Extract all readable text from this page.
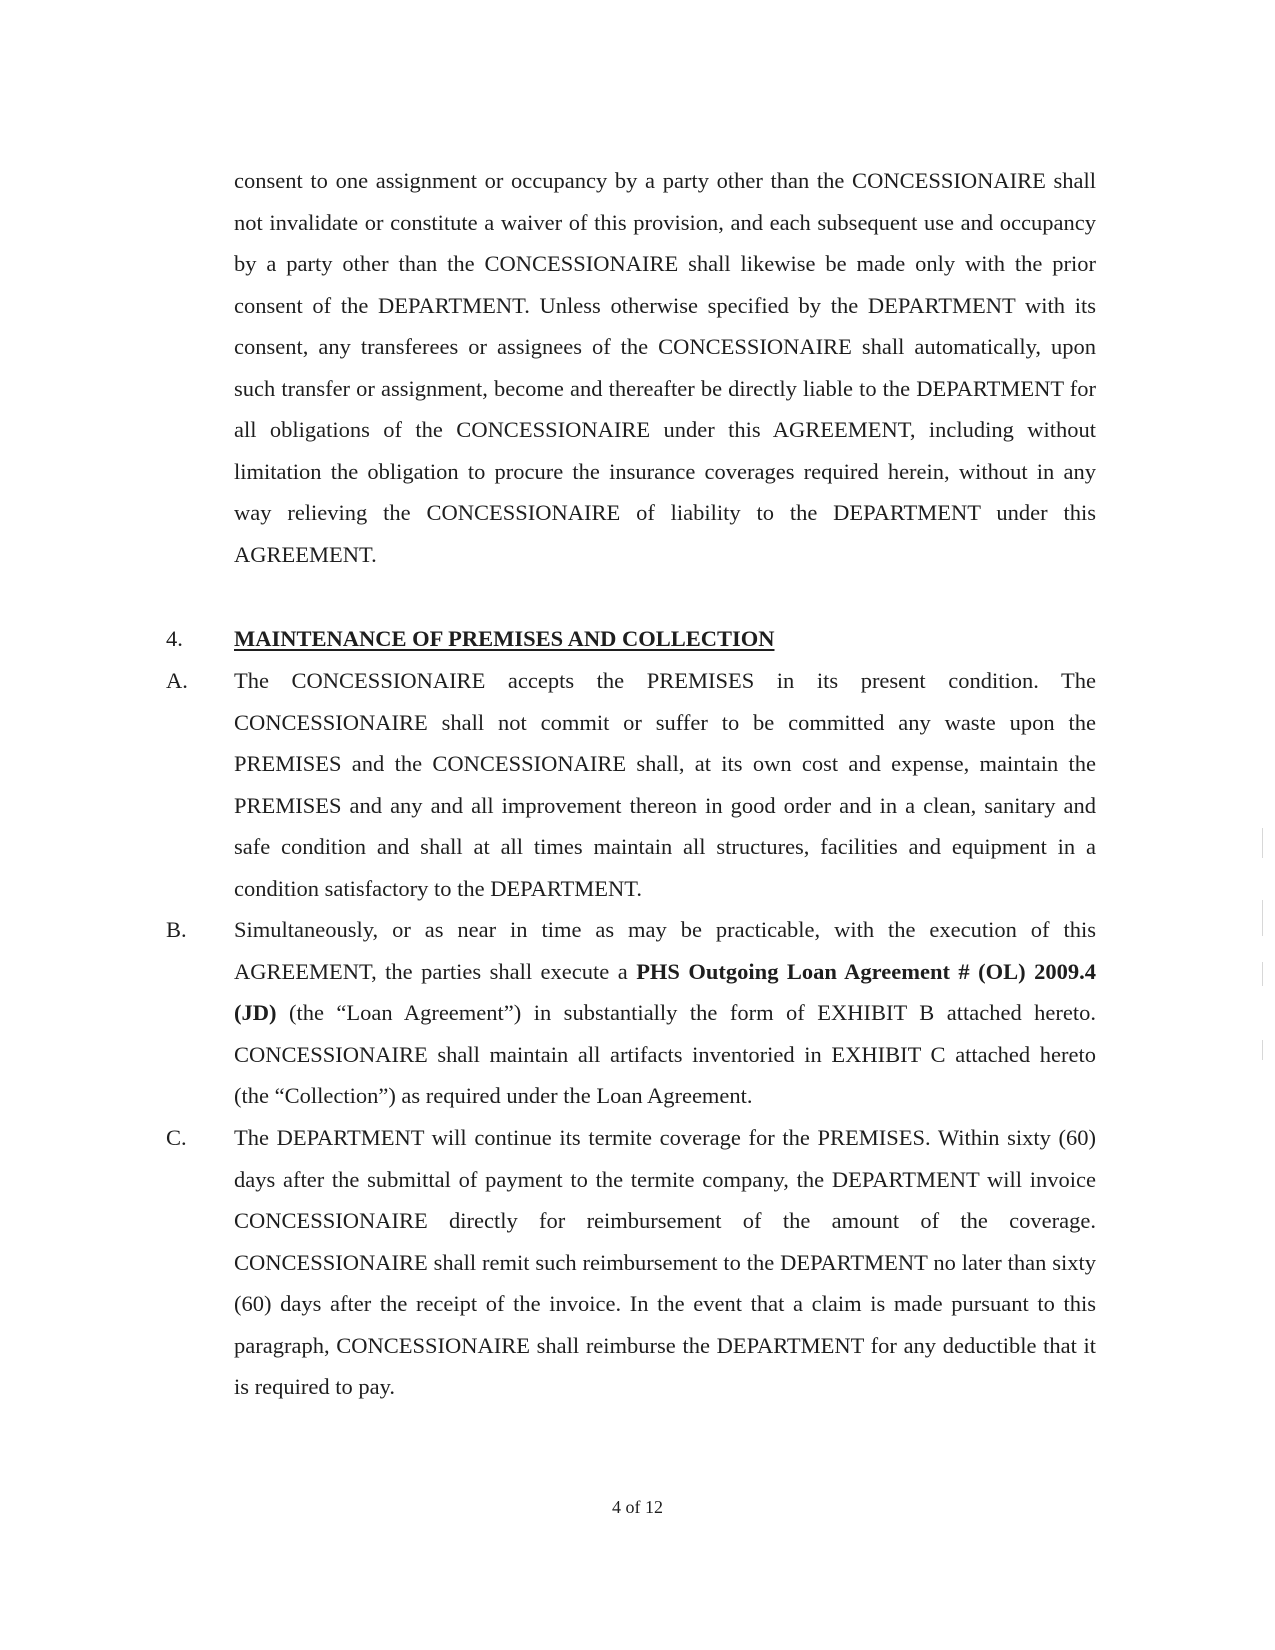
consent to one assignment or occupancy by a party other than the CONCESSIONAIRE shall not invalidate or constitute a waiver of this provision, and each subsequent use and occupancy by a party other than the CONCESSIONAIRE shall likewise be made only with the prior consent of the DEPARTMENT. Unless otherwise specified by the DEPARTMENT with its consent, any transferees or assignees of the CONCESSIONAIRE shall automatically, upon such transfer or assignment, become and thereafter be directly liable to the DEPARTMENT for all obligations of the CONCESSIONAIRE under this AGREEMENT, including without limitation the obligation to procure the insurance coverages required herein, without in any way relieving the CONCESSIONAIRE of liability to the DEPARTMENT under this AGREEMENT.
4. MAINTENANCE OF PREMISES AND COLLECTION
A. The CONCESSIONAIRE accepts the PREMISES in its present condition. The CONCESSIONAIRE shall not commit or suffer to be committed any waste upon the PREMISES and the CONCESSIONAIRE shall, at its own cost and expense, maintain the PREMISES and any and all improvement thereon in good order and in a clean, sanitary and safe condition and shall at all times maintain all structures, facilities and equipment in a condition satisfactory to the DEPARTMENT.
B. Simultaneously, or as near in time as may be practicable, with the execution of this AGREEMENT, the parties shall execute a PHS Outgoing Loan Agreement # (OL) 2009.4 (JD) (the “Loan Agreement”) in substantially the form of EXHIBIT B attached hereto. CONCESSIONAIRE shall maintain all artifacts inventoried in EXHIBIT C attached hereto (the “Collection”) as required under the Loan Agreement.
C. The DEPARTMENT will continue its termite coverage for the PREMISES. Within sixty (60) days after the submittal of payment to the termite company, the DEPARTMENT will invoice CONCESSIONAIRE directly for reimbursement of the amount of the coverage. CONCESSIONAIRE shall remit such reimbursement to the DEPARTMENT no later than sixty (60) days after the receipt of the invoice. In the event that a claim is made pursuant to this paragraph, CONCESSIONAIRE shall reimburse the DEPARTMENT for any deductible that it is required to pay.
4 of 12
